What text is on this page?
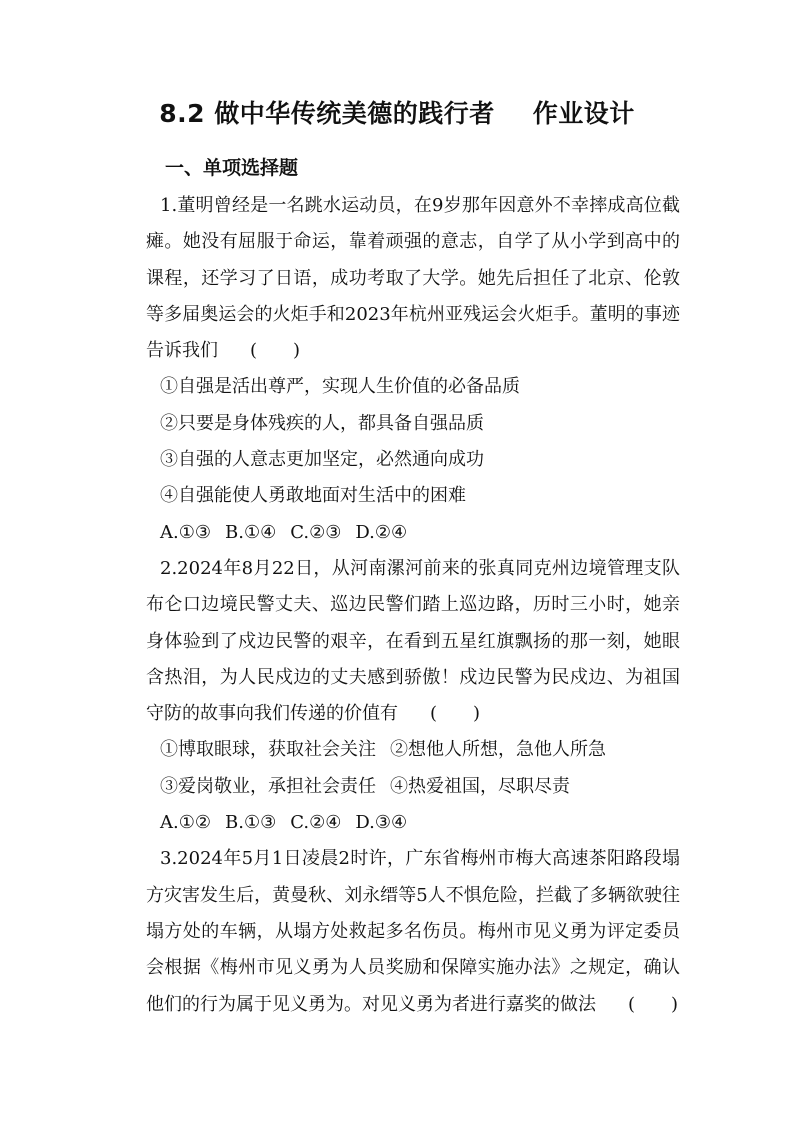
8.2 做中华传统美德的践行者 作业设计
一、单项选择题

1.董明曾经是一名跳水运动员，在9岁那年因意外不幸摔成高位截瘫。她没有屈服于命运，靠着顽强的意志，自学了从小学到高中的课程，还学习了日语，成功考取了大学。她先后担任了北京、伦敦等多届奥运会的火炬手和2023年杭州亚残运会火炬手。董明的事迹告诉我们 (　　)

①自强是活出尊严，实现人生价值的必备品质

②只要是身体残疾的人，都具备自强品质

③自强的人意志更加坚定，必然通向成功

④自强能使人勇敢地面对生活中的困难

A.①③ B.①④ C.②③ D.②④

2.2024年8月22日，从河南漯河前来的张真同克州边境管理支队布仑口边境民警丈夫、巡边民警们踏上巡边路，历时三小时，她亲身体验到了戍边民警的艰辛，在看到五星红旗飘扬的那一刻，她眼含热泪，为人民戍边的丈夫感到骄傲！戍边民警为民戍边、为祖国守防的故事向我们传递的价值有 (　　)

①博取眼球，获取社会关注 ②想他人所想，急他人所急

③爱岗敬业，承担社会责任 ④热爱祖国，尽职尽责

A.①② B.①③ C.②④ D.③④

3.2024年5月1日凌晨2时许，广东省梅州市梅大高速茶阳路段塌方灾害发生后，黄曼秋、刘永缙等5人不惧危险，拦截了多辆欲驶往塌方处的车辆，从塌方处救起多名伤员。梅州市见义勇为评定委员会根据《梅州市见义勇为人员奖励和保障实施办法》之规定，确认他们的行为属于见义勇为。对见义勇为者进行嘉奖的做法 (　　)
